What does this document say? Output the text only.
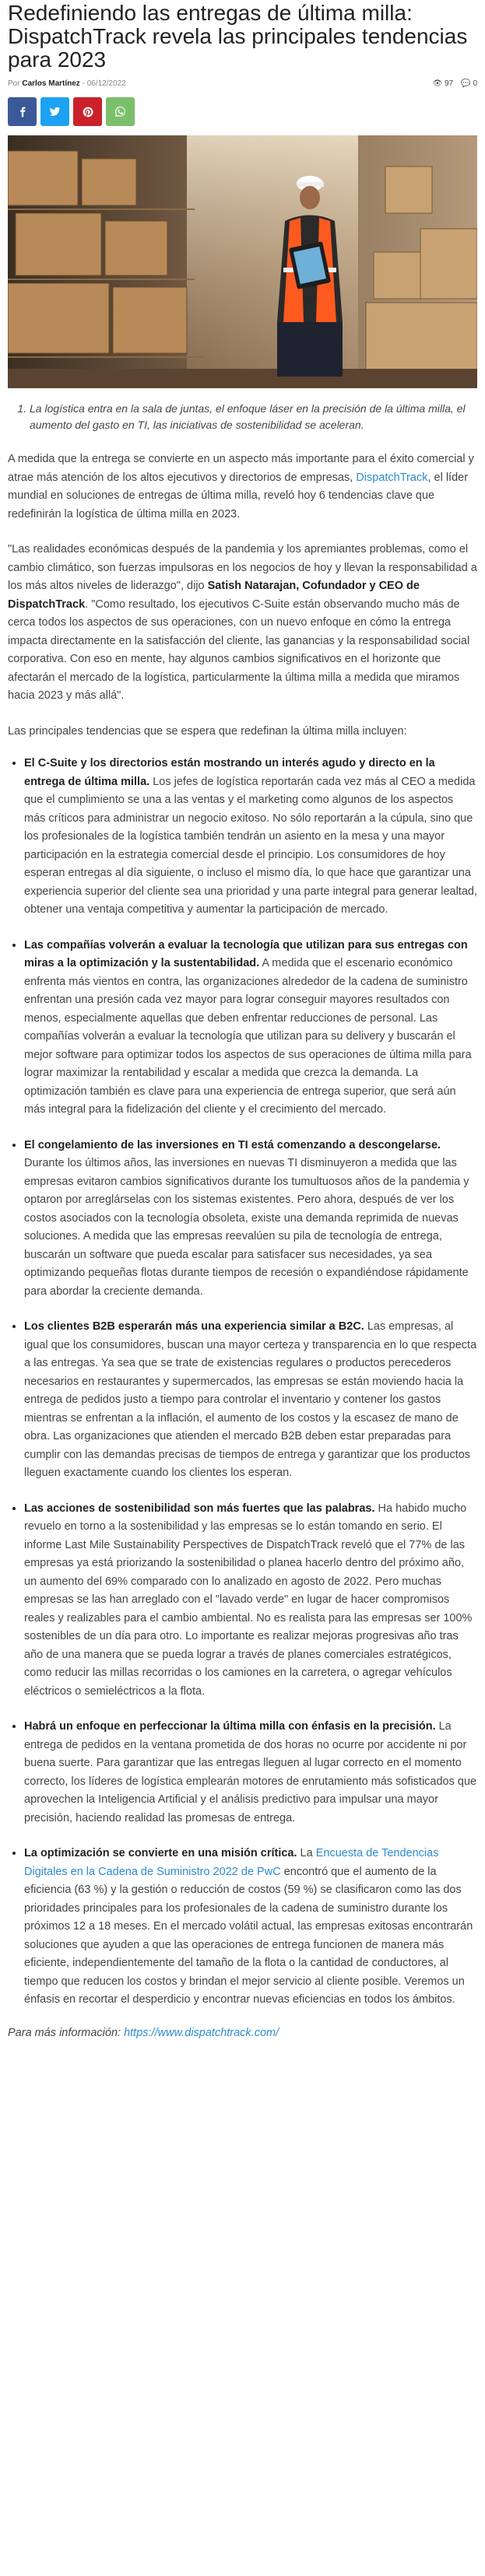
Redefiniendo las entregas de última milla: DispatchTrack revela las principales tendencias para 2023
Por Carlos Martínez - 06/12/2022	👁 97 💬 0
1. La logística entra en la sala de juntas, el enfoque láser en la precisión de la última milla, el aumento del gasto en TI, las iniciativas de sostenibilidad se aceleran.

A medida que la entrega se convierte en un aspecto más importante para el éxito comercial y atrae más atención de los altos ejecutivos y directorios de empresas, DispatchTrack, el líder mundial en soluciones de entregas de última milla, reveló hoy 6 tendencias clave que redefinirán la logística de última milla en 2023.

"Las realidades económicas después de la pandemia y los apremiantes problemas, como el cambio climático, son fuerzas impulsoras en los negocios de hoy y llevan la responsabilidad a los más altos niveles de liderazgo", dijo Satish Natarajan, Cofundador y CEO de DispatchTrack. "Como resultado, los ejecutivos C-Suite están observando mucho más de cerca todos los aspectos de sus operaciones, con un nuevo enfoque en cómo la entrega impacta directamente en la satisfacción del cliente, las ganancias y la responsabilidad social corporativa. Con eso en mente, hay algunos cambios significativos en el horizonte que afectarán el mercado de la logística, particularmente la última milla a medida que miramos hacia 2023 y más allá".

Las principales tendencias que se espera que redefinan la última milla incluyen:

• El C-Suite y los directorios están mostrando un interés agudo y directo en la entrega de última milla. Los jefes de logística reportarán cada vez más al CEO a medida que el cumplimiento se una a las ventas y el marketing como algunos de los aspectos más críticos para administrar un negocio exitoso. No sólo reportarán a la cúpula, sino que los profesionales de la logística también tendrán un asiento en la mesa y una mayor participación en la estrategia comercial desde el principio. Los consumidores de hoy esperan entregas al día siguiente, o incluso el mismo día, lo que hace que garantizar una experiencia superior del cliente sea una prioridad y una parte integral para generar lealtad, obtener una ventaja competitiva y aumentar la participación de mercado.
• Las compañías volverán a evaluar la tecnología que utilizan para sus entregas con miras a la optimización y la sustentabilidad. A medida que el escenario económico enfrenta más vientos en contra, las organizaciones alrededor de la cadena de suministro enfrentan una presión cada vez mayor para lograr conseguir mayores resultados con menos, especialmente aquellas que deben enfrentar reducciones de personal. Las compañías volverán a evaluar la tecnología que utilizan para su delivery y buscarán el mejor software para optimizar todos los aspectos de sus operaciones de última milla para lograr maximizar la rentabilidad y escalar a medida que crezca la demanda. La optimización también es clave para una experiencia de entrega superior, que será aún más integral para la fidelización del cliente y el crecimiento del mercado.
• El congelamiento de las inversiones en TI está comenzando a descongelarse. Durante los últimos años, las inversiones en nuevas TI disminuyeron a medida que las empresas evitaron cambios significativos durante los tumultuosos años de la pandemia y optaron por arreglárselas con los sistemas existentes. Pero ahora, después de ver los costos asociados con la tecnología obsoleta, existe una demanda reprimida de nuevas soluciones. A medida que las empresas reevalúen su pila de tecnología de entrega, buscarán un software que pueda escalar para satisfacer sus necesidades, ya sea optimizando pequeñas flotas durante tiempos de recesión o expandiéndose rápidamente para abordar la creciente demanda.
• Los clientes B2B esperarán más una experiencia similar a B2C. Las empresas, al igual que los consumidores, buscan una mayor certeza y transparencia en lo que respecta a las entregas. Ya sea que se trate de existencias regulares o productos perecederos necesarios en restaurantes y supermercados, las empresas se están moviendo hacia la entrega de pedidos justo a tiempo para controlar el inventario y contener los gastos mientras se enfrentan a la inflación, el aumento de los costos y la escasez de mano de obra. Las organizaciones que atienden el mercado B2B deben estar preparadas para cumplir con las demandas precisas de tiempos de entrega y garantizar que los productos lleguen exactamente cuando los clientes los esperan.
• Las acciones de sostenibilidad son más fuertes que las palabras. Ha habido mucho revuelo en torno a la sostenibilidad y las empresas se lo están tomando en serio. El informe Last Mile Sustainability Perspectives de DispatchTrack reveló que el 77% de las empresas ya está priorizando la sostenibilidad o planea hacerlo dentro del próximo año, un aumento del 69% comparado con lo analizado en agosto de 2022. Pero muchas empresas se las han arreglado con el "lavado verde" en lugar de hacer compromisos reales y realizables para el cambio ambiental. No es realista para las empresas ser 100% sostenibles de un día para otro. Lo importante es realizar mejoras progresivas año tras año de una manera que se pueda lograr a través de planes comerciales estratégicos, como reducir las millas recorridas o los camiones en la carretera, o agregar vehículos eléctricos o semieléctricos a la flota.
• Habrá un enfoque en perfeccionar la última milla con énfasis en la precisión. La entrega de pedidos en la ventana prometida de dos horas no ocurre por accidente ni por buena suerte. Para garantizar que las entregas lleguen al lugar correcto en el momento correcto, los líderes de logística emplearán motores de enrutamiento más sofisticados que aprovechen la Inteligencia Artificial y el análisis predictivo para impulsar una mayor precisión, haciendo realidad las promesas de entrega.
• La optimización se convierte en una misión crítica. La Encuesta de Tendencias Digitales en la Cadena de Suministro 2022 de PwC encontró que el aumento de la eficiencia (63 %) y la gestión o reducción de costos (59 %) se clasificaron como las dos prioridades principales para los profesionales de la cadena de suministro durante los próximos 12 a 18 meses. En el mercado volátil actual, las empresas exitosas encontrarán soluciones que ayuden a que las operaciones de entrega funcionen de manera más eficiente, independientemente del tamaño de la flota o la cantidad de conductores, al tiempo que reducen los costos y brindan el mejor servicio al cliente posible. Veremos un énfasis en recortar el desperdicio y encontrar nuevas eficiencias en todos los ámbitos.
Para más información: https://www.dispatchtrack.com/
